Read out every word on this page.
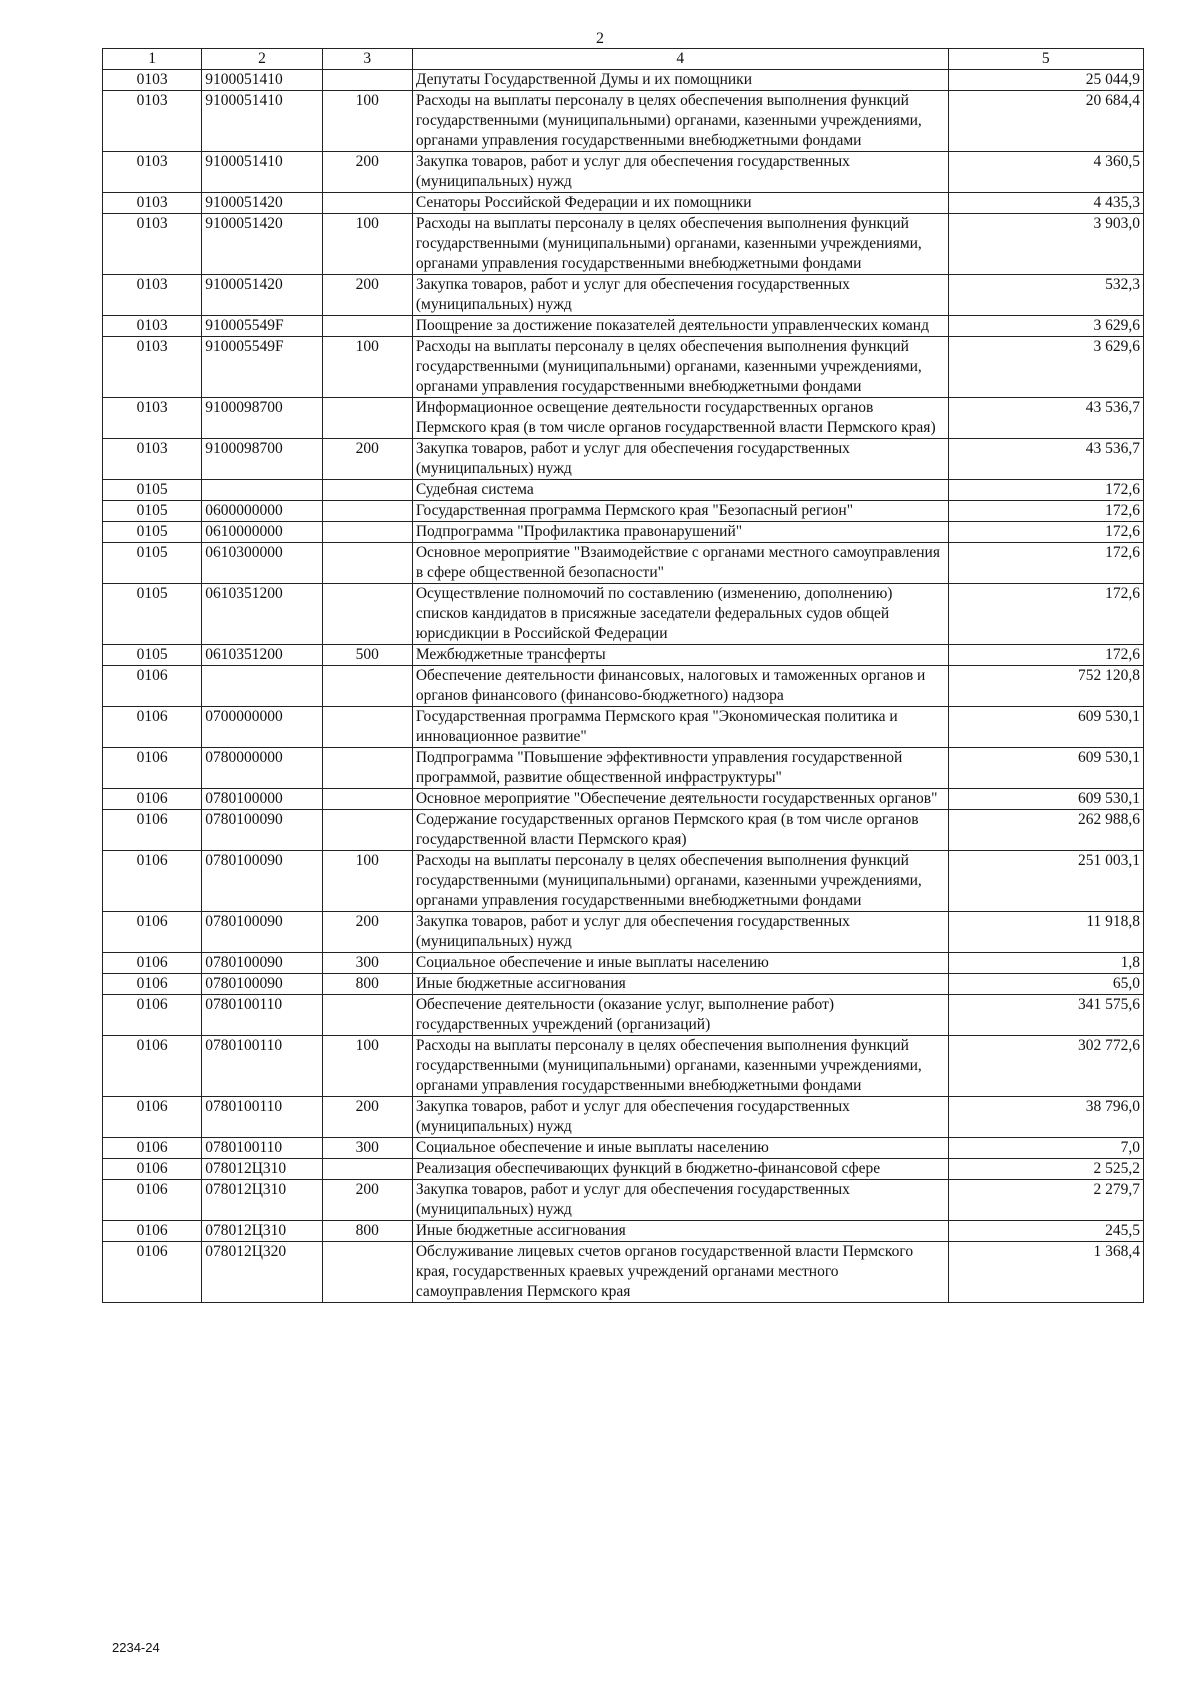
2
1	2	3	4	5
0103	9100051410		Депутаты Государственной Думы и их помощники	25 044,9
0103	9100051410	100	Расходы на выплаты персоналу в целях обеспечения выполнения функций государственными (муниципальными) органами, казенными учреждениями, органами управления государственными внебюджетными фондами	20 684,4
0103	9100051410	200	Закупка товаров, работ и услуг для обеспечения государственных (муниципальных) нужд	4 360,5
0103	9100051420		Сенаторы Российской Федерации и их помощники	4 435,3
0103	9100051420	100	Расходы на выплаты персоналу в целях обеспечения выполнения функций государственными (муниципальными) органами, казенными учреждениями, органами управления государственными внебюджетными фондами	3 903,0
0103	9100051420	200	Закупка товаров, работ и услуг для обеспечения государственных (муниципальных) нужд	532,3
0103	910005549F		Поощрение за достижение показателей деятельности управленческих команд	3 629,6
0103	910005549F	100	Расходы на выплаты персоналу в целях обеспечения выполнения функций государственными (муниципальными) органами, казенными учреждениями, органами управления государственными внебюджетными фондами	3 629,6
0103	9100098700		Информационное освещение деятельности государственных органов Пермского края (в том числе органов государственной власти Пермского края)	43 536,7
0103	9100098700	200	Закупка товаров, работ и услуг для обеспечения государственных (муниципальных) нужд	43 536,7
0105			Судебная система	172,6
0105	0600000000		Государственная программа Пермского края "Безопасный регион"	172,6
0105	0610000000		Подпрограмма "Профилактика правонарушений"	172,6
0105	0610300000		Основное мероприятие "Взаимодействие с органами местного самоуправления в сфере общественной безопасности"	172,6
0105	0610351200		Осуществление полномочий по составлению (изменению, дополнению) списков кандидатов в присяжные заседатели федеральных судов общей юрисдикции в Российской Федерации	172,6
0105	0610351200	500	Межбюджетные трансферты	172,6
0106			Обеспечение деятельности финансовых, налоговых и таможенных органов и органов финансового (финансово-бюджетного) надзора	752 120,8
0106	0700000000		Государственная программа Пермского края "Экономическая политика и инновационное развитие"	609 530,1
0106	0780000000		Подпрограмма "Повышение эффективности управления государственной программой, развитие общественной инфраструктуры"	609 530,1
0106	0780100000		Основное мероприятие "Обеспечение деятельности государственных органов"	609 530,1
0106	0780100090		Содержание государственных органов Пермского края (в том числе органов государственной власти Пермского края)	262 988,6
0106	0780100090	100	Расходы на выплаты персоналу в целях обеспечения выполнения функций государственными (муниципальными) органами, казенными учреждениями, органами управления государственными внебюджетными фондами	251 003,1
0106	0780100090	200	Закупка товаров, работ и услуг для обеспечения государственных (муниципальных) нужд	11 918,8
0106	0780100090	300	Социальное обеспечение и иные выплаты населению	1,8
0106	0780100090	800	Иные бюджетные ассигнования	65,0
0106	0780100110		Обеспечение деятельности (оказание услуг, выполнение работ) государственных учреждений (организаций)	341 575,6
0106	0780100110	100	Расходы на выплаты персоналу в целях обеспечения выполнения функций государственными (муниципальными) органами, казенными учреждениями, органами управления государственными внебюджетными фондами	302 772,6
0106	0780100110	200	Закупка товаров, работ и услуг для обеспечения государственных (муниципальных) нужд	38 796,0
0106	0780100110	300	Социальное обеспечение и иные выплаты населению	7,0
0106	078012Ц310		Реализация обеспечивающих функций в бюджетно-финансовой сфере	2 525,2
0106	078012Ц310	200	Закупка товаров, работ и услуг для обеспечения государственных (муниципальных) нужд	2 279,7
0106	078012Ц310	800	Иные бюджетные ассигнования	245,5
0106	078012Ц320		Обслуживание лицевых счетов органов государственной власти Пермского края, государственных краевых учреждений органами местного самоуправления Пермского края	1 368,4
2234-24
